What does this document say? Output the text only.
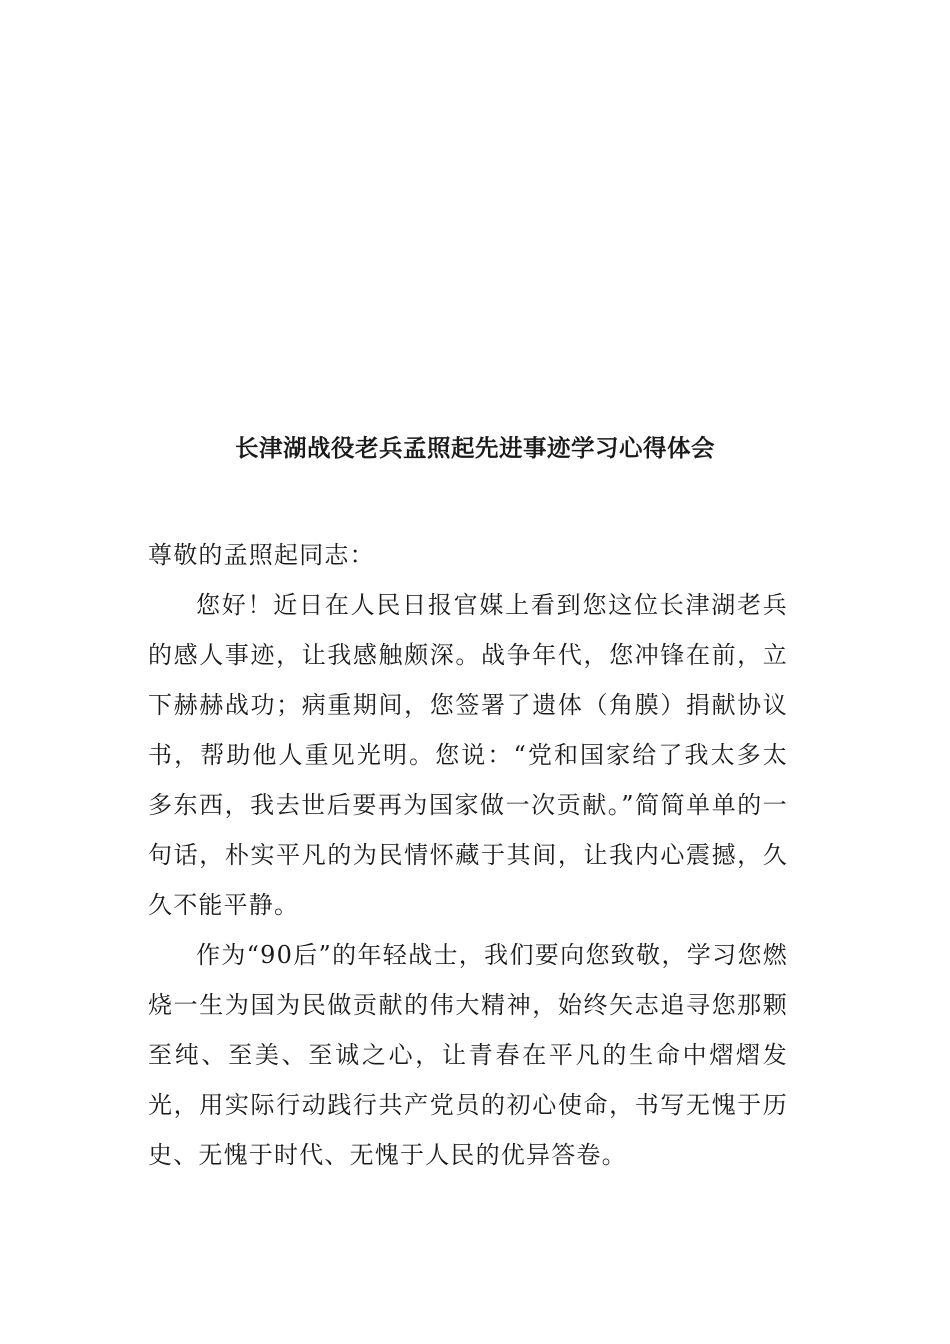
长津湖战役老兵孟照起先进事迹学习心得体会

尊敬的孟照起同志：

您好！近日在人民日报官媒上看到您这位长津湖老兵的感人事迹，让我感触颇深。战争年代，您冲锋在前，立下赫赫战功；病重期间，您签署了遗体（角膜）捐献协议书，帮助他人重见光明。您说：“党和国家给了我太多太多东西，我去世后要再为国家做一次贡献。”简简单单的一句话，朴实平凡的为民情怀藏于其间，让我内心震撼，久久不能平静。

作为“90后”的年轻战士，我们要向您致敬，学习您燃烧一生为国为民做贡献的伟大精神，始终矢志追寻您那颗至纯、至美、至诚之心，让青春在平凡的生命中熠熠发光，用实际行动践行共产党员的初心使命，书写无愧于历史、无愧于时代、无愧于人民的优异答卷。
